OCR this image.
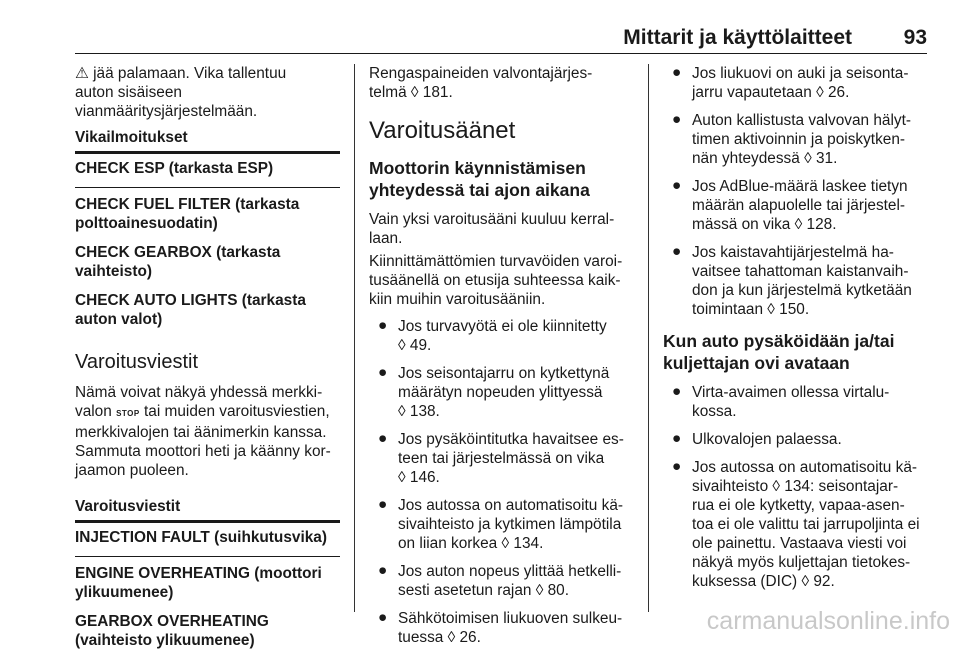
Mittarit ja käyttölaitteet 93

⚠ jää palamaan. Vika tallentuu
auton sisäiseen
vianmääritysjärjestelmään.

Vikailmoitukset
CHECK ESP (tarkasta ESP)
CHECK FUEL FILTER (tarkasta
polttoainesuodatin)
CHECK GEARBOX (tarkasta
vaihteisto)
CHECK AUTO LIGHTS (tarkasta
auton valot)
Varoitusviestit

Nämä voivat näkyä yhdessä merkki-
valon STOP tai muiden varoitusviestien,
merkkivalojen tai äänimerkin kanssa.
Sammuta moottori heti ja käänny kor-
jaamon puoleen.

Varoitusviestit
INJECTION FAULT (suihkutusvika)
ENGINE OVERHEATING (moottori
ylikuumenee)
GEARBOX OVERHEATING
(vaihteisto ylikuumenee)

Rengaspaineiden valvontajärjes-
telmä ◊ 181.

Varoitusäänet
Moottorin käynnistämisen
yhteydessä tai ajon aikana

Vain yksi varoitusääni kuuluu kerral-
laan.

Kiinnittämättömien turvavöiden varoi-
tusäänellä on etusija suhteessa kaik-
kiin muihin varoitusääniin.

● Jos turvavyötä ei ole kiinnitetty
◊ 49.
● Jos seisontajarru on kytkettynä
määrätyn nopeuden ylittyessä
◊ 138.
● Jos pysäköintitutka havaitsee es-
teen tai järjestelmässä on vika
◊ 146.
● Jos autossa on automatisoitu kä-
sivaihteisto ja kytkimen lämpötila
on liian korkea ◊ 134.
● Jos auton nopeus ylittää hetkelli-
sesti asetetun rajan ◊ 80.
● Sähkötoimisen liukuoven sulkeu-
tuessa ◊ 26.
● Jos liukuovi on auki ja seisonta-
jarru vapautetaan ◊ 26.
● Auton kallistusta valvovan hälyt-
timen aktivoinnin ja poiskytken-
nän yhteydessä ◊ 31.
● Jos AdBlue-määrä laskee tietyn
määrän alapuolelle tai järjestel-
mässä on vika ◊ 128.
● Jos kaistavahtijärjestelmä ha-
vaitsee tahattoman kaistanvaih-
don ja kun järjestelmä kytketään
toimintaan ◊ 150.
Kun auto pysäköidään ja/tai
kuljettajan ovi avataan
● Virta-avaimen ollessa virtalu-
kossa.
● Ulkovalojen palaessa.
● Jos autossa on automatisoitu kä-
sivaihteisto ◊ 134: seisontajar-
rua ei ole kytketty, vapaa-asen-
toa ei ole valittu tai jarrupoljinta ei
ole painettu. Vastaava viesti voi
näkyä myös kuljettajan tietokes-
kuksessa (DIC) ◊ 92.
carmanualsonline.info
